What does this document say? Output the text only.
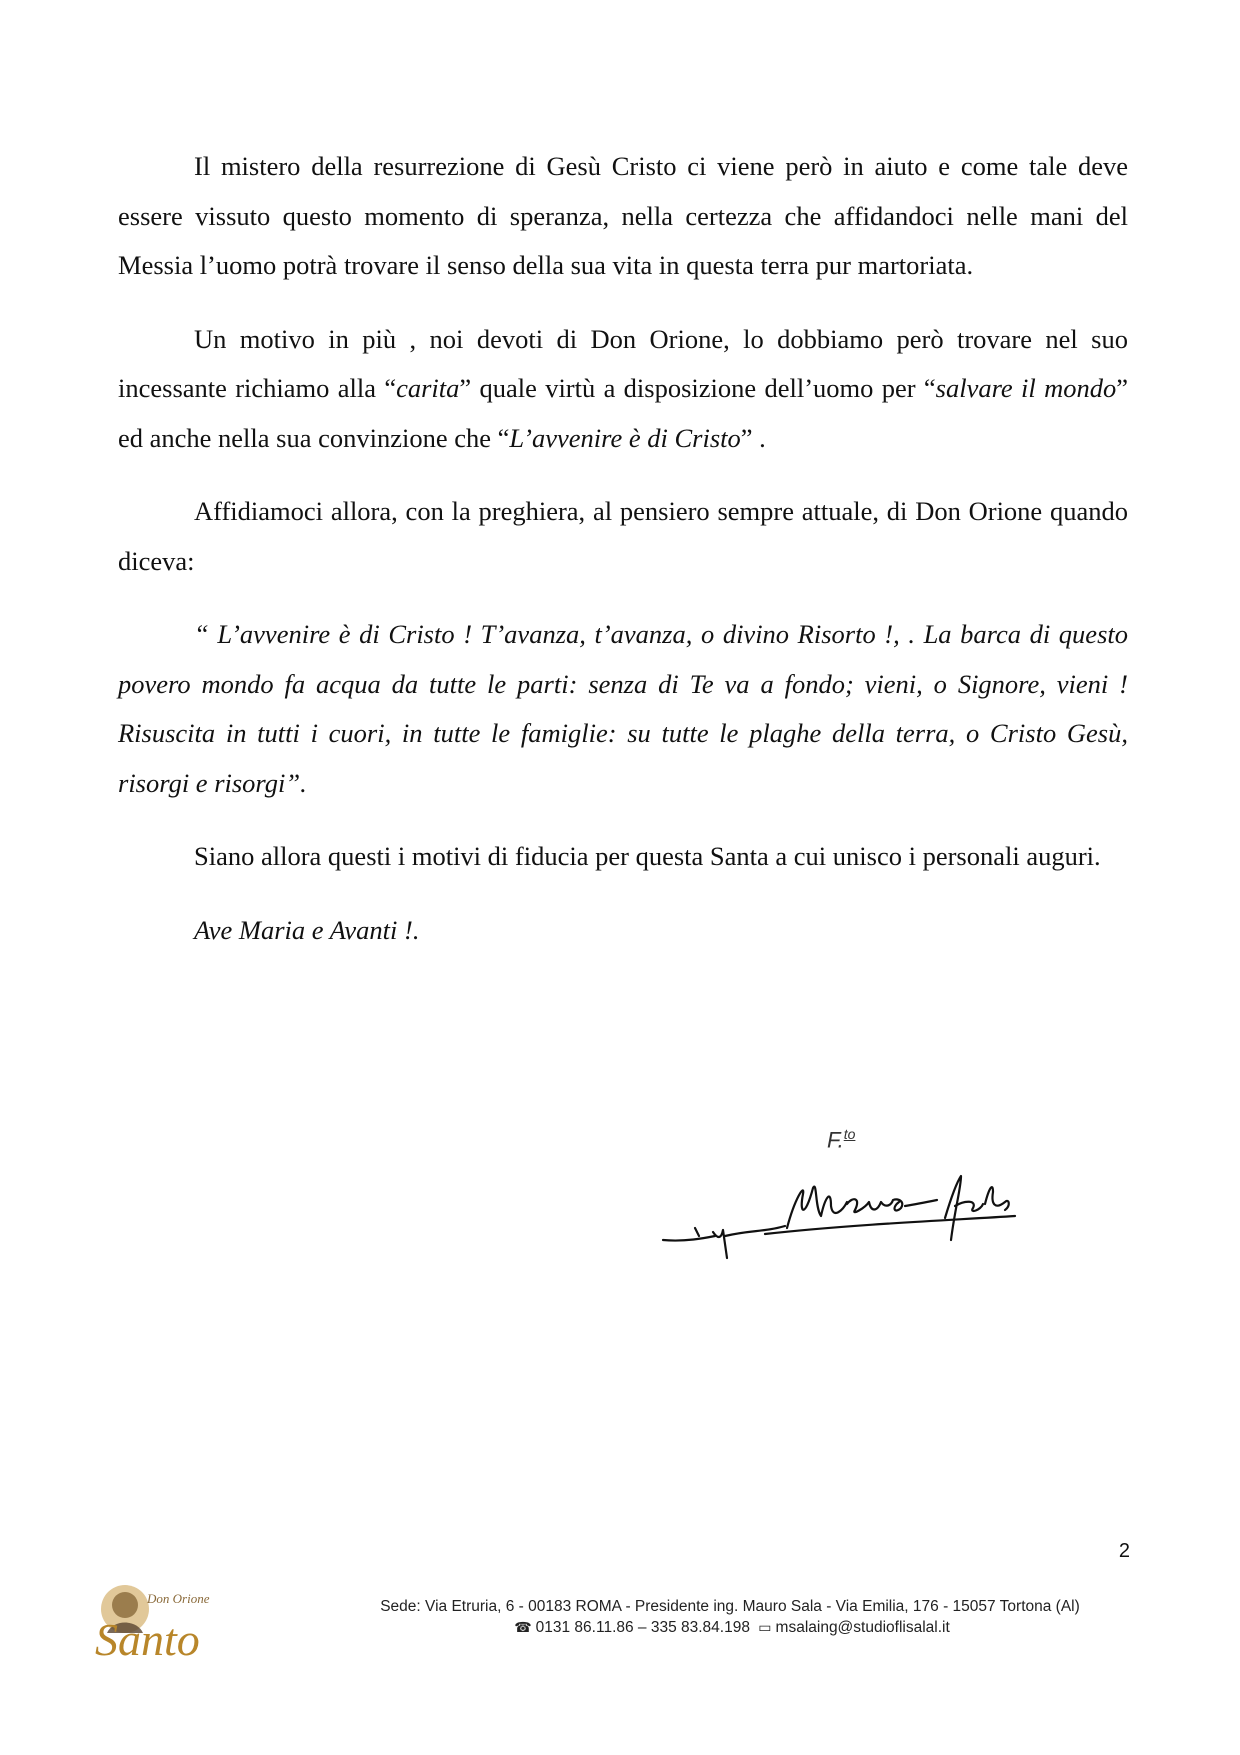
Il mistero della resurrezione di Gesù Cristo ci viene però in aiuto e come tale deve essere vissuto questo momento di speranza, nella certezza che affidandoci nelle mani del Messia l’uomo potrà trovare il senso della sua vita in questa terra pur martoriata.

Un motivo in più , noi devoti di Don Orione, lo dobbiamo però trovare nel suo incessante richiamo alla “carita” quale virtù a disposizione dell’uomo per “salvare il mondo” ed anche nella sua convinzione che “L’avvenire è di Cristo” .

Affidiamoci allora, con la preghiera, al pensiero sempre attuale, di Don Orione quando diceva:

“ L’avvenire è di Cristo ! T’avanza, t’avanza, o divino Risorto !, . La barca di questo povero mondo fa acqua da tutte le parti: senza di Te va a fondo; vieni, o Signore, vieni ! Risuscita in tutti i cuori, in tutte le famiglie: su tutte le plaghe della terra, o Cristo Gesù, risorgi e risorgi”.

Siano allora questi i motivi di fiducia per questa Santa a cui unisco i personali auguri.

Ave Maria e Avanti !.

F.$^{to}$
2
Don Orione
Santo
Sede: Via Etruria, 6 - 00183 ROMA - Presidente ing. Mauro Sala - Via Emilia, 176 - 15057 Tortona (Al)
☎ 0131 86.11.86 – 335 83.84.198 ▭ msalaing@studioflisalal.it
